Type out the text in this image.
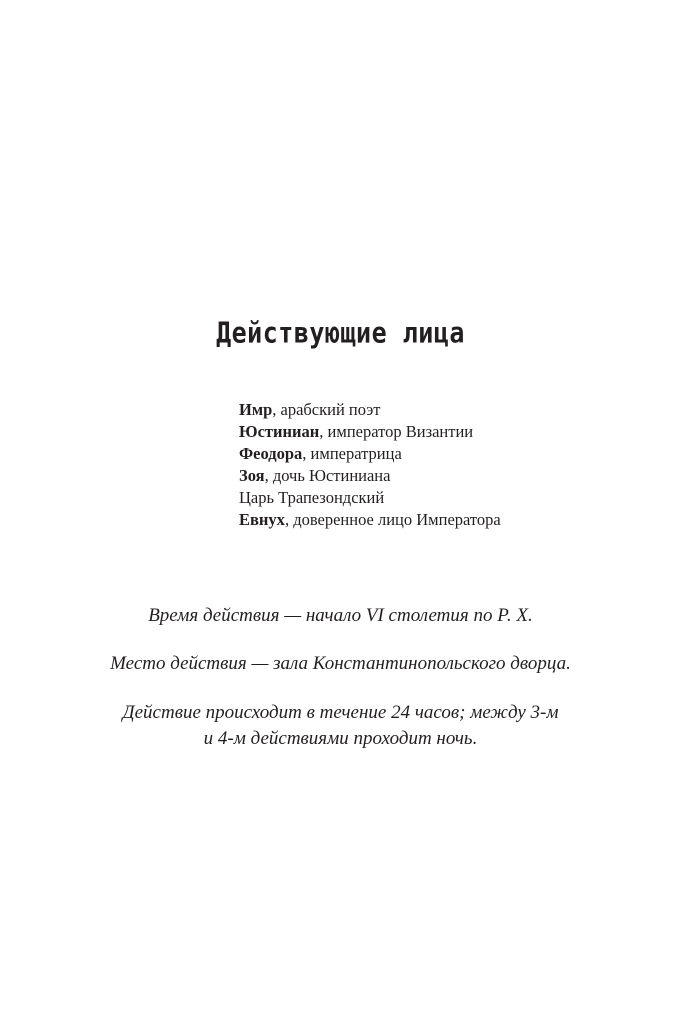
Действующие лица
Имр, арабский поэт
Юстиниан, император Византии
Феодора, императрица
Зоя, дочь Юстиниана
Царь Трапезондский
Евнух, доверенное лицо Императора

Время действия — начало VI столетия по Р. Х.

Место действия — зала Константинопольского дворца.

Действие происходит в течение 24 часов; между 3-м
и 4-м действиями проходит ночь.
